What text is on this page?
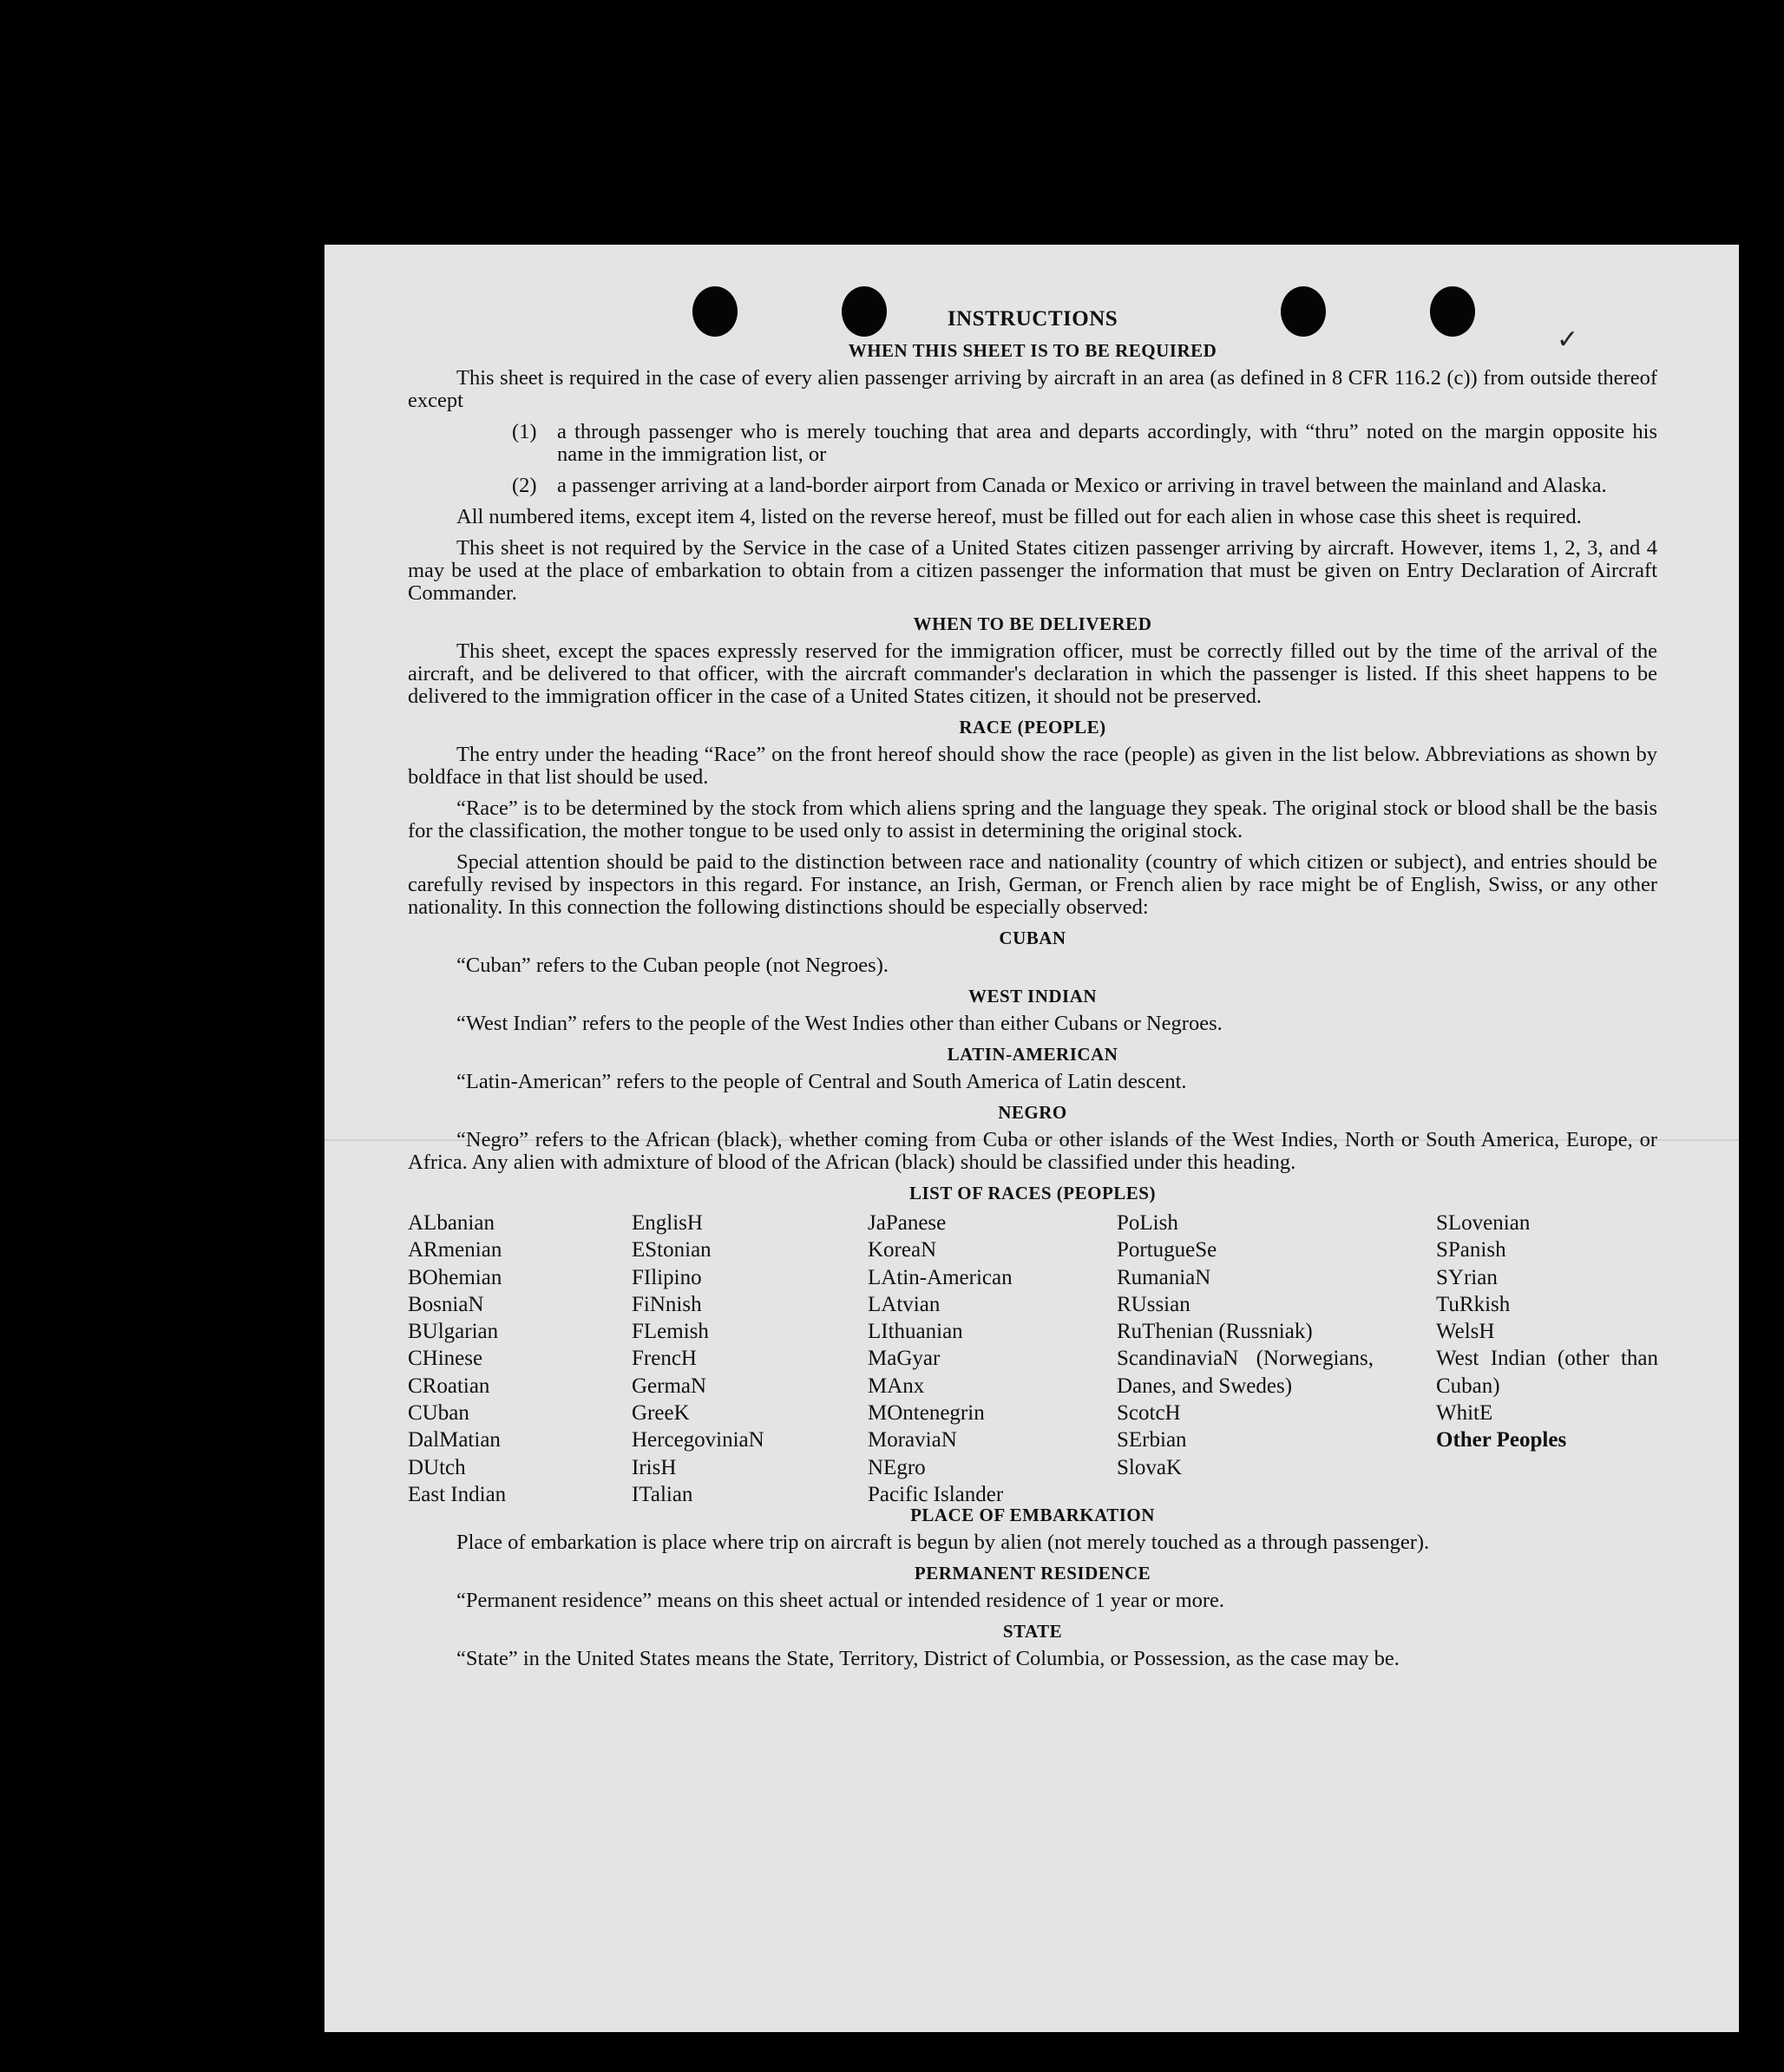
✓
INSTRUCTIONS
WHEN THIS SHEET IS TO BE REQUIRED

This sheet is required in the case of every alien passenger arriving by aircraft in an area (as defined in 8 CFR 116.2 (c)) from outside thereof except

(1) a through passenger who is merely touching that area and departs accordingly, with “thru” noted on the margin opposite his name in the immigration list, or
(2) a passenger arriving at a land-border airport from Canada or Mexico or arriving in travel between the mainland and Alaska.

All numbered items, except item 4, listed on the reverse hereof, must be filled out for each alien in whose case this sheet is required.

This sheet is not required by the Service in the case of a United States citizen passenger arriving by aircraft. However, items 1, 2, 3, and 4 may be used at the place of embarkation to obtain from a citizen passenger the information that must be given on Entry Declaration of Aircraft Commander.

WHEN TO BE DELIVERED

This sheet, except the spaces expressly reserved for the immigration officer, must be correctly filled out by the time of the arrival of the aircraft, and be delivered to that officer, with the aircraft commander's declaration in which the passenger is listed. If this sheet happens to be delivered to the immigration officer in the case of a United States citizen, it should not be preserved.

RACE (PEOPLE)

The entry under the heading “Race” on the front hereof should show the race (people) as given in the list below. Abbreviations as shown by boldface in that list should be used.

“Race” is to be determined by the stock from which aliens spring and the language they speak. The original stock or blood shall be the basis for the classification, the mother tongue to be used only to assist in determining the original stock.

Special attention should be paid to the distinction between race and nationality (country of which citizen or subject), and entries should be carefully revised by inspectors in this regard. For instance, an Irish, German, or French alien by race might be of English, Swiss, or any other nationality. In this connection the following distinctions should be especially observed:

CUBAN

“Cuban” refers to the Cuban people (not Negroes).

WEST INDIAN

“West Indian” refers to the people of the West Indies other than either Cubans or Negroes.

LATIN-AMERICAN

“Latin-American” refers to the people of Central and South America of Latin descent.

NEGRO

“Negro” refers to the African (black), whether coming from Cuba or other islands of the West Indies, North or South America, Europe, or Africa. Any alien with admixture of blood of the African (black) should be classified under this heading.

LIST OF RACES (PEOPLES)
ALbanian
ARmenian
BOhemian
BosniaN
BUlgarian
CHinese
CRoatian
CUban
DalMatian
DUtch
East Indian
EnglisH
EStonian
FIlipino
FiNnish
FLemish
FrencH
GermaN
GreeK
HercegoviniaN
IrisH
ITalian
JaPanese
KoreaN
LAtin-American
LAtvian
LIthuanian
MaGyar
MAnx
MOntenegrin
MoraviaN
NEgro
Pacific Islander
PoLish
PortugueSe
RumaniaN
RUssian
RuThenian (Russniak)
ScandinaviaN (Norwegians, Danes, and Swedes)
ScotcH
SErbian
SlovaK
SLovenian
SPanish
SYrian
TuRkish
WelsH
West Indian (other than Cuban)
WhitE
Other Peoples
PLACE OF EMBARKATION

Place of embarkation is place where trip on aircraft is begun by alien (not merely touched as a through passenger).

PERMANENT RESIDENCE

“Permanent residence” means on this sheet actual or intended residence of 1 year or more.

STATE

“State” in the United States means the State, Territory, District of Columbia, or Possession, as the case may be.
